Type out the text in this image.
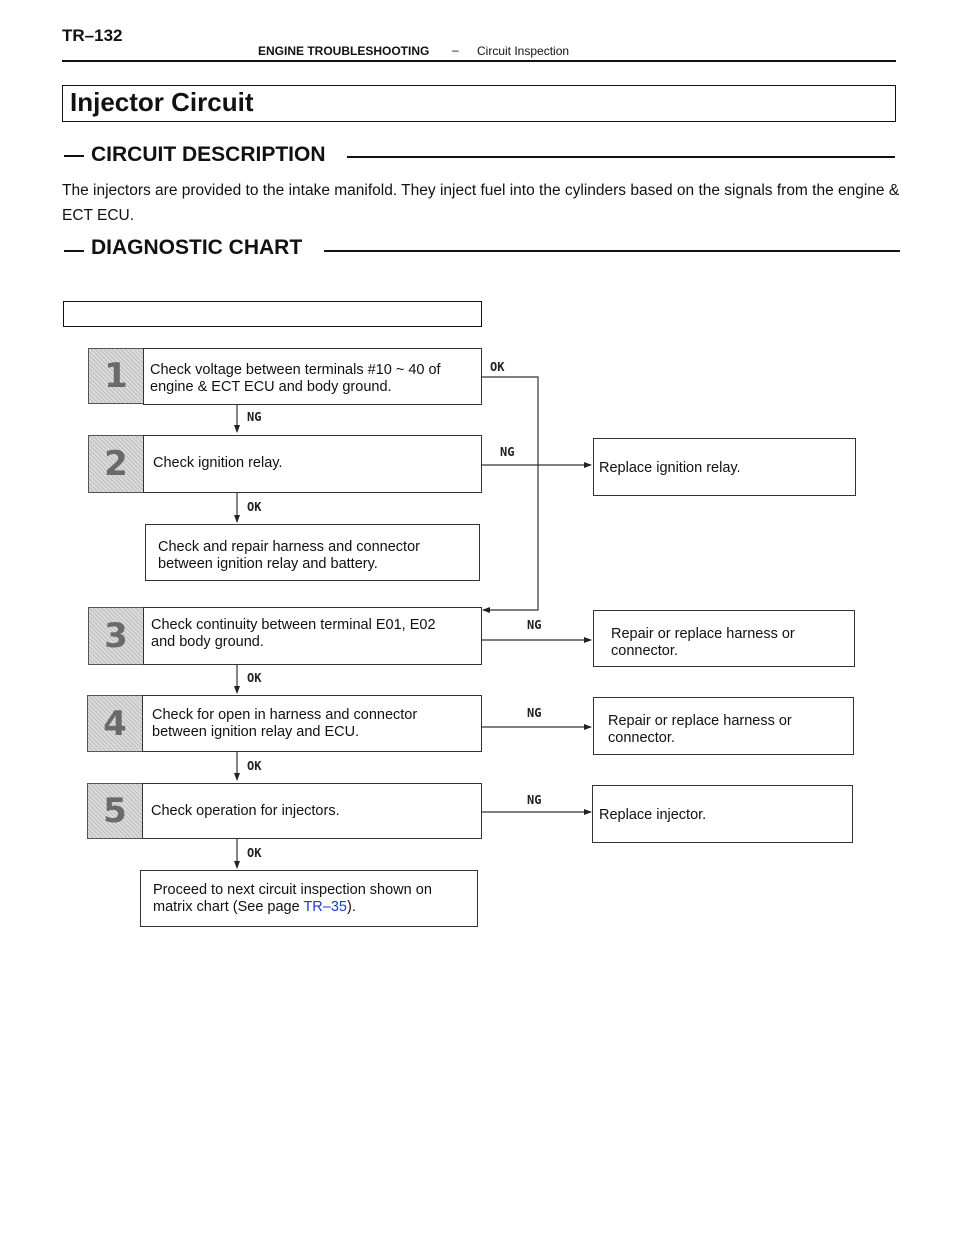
TR–132
ENGINE TROUBLESHOOTING – Circuit Inspection
Injector Circuit
CIRCUIT DESCRIPTION
The injectors are provided to the intake manifold. They inject fuel into the cylinders based on the signals from the engine & ECT ECU.
DIAGNOSTIC CHART
OK
NG
NG
OK
NG
OK
NG
OK
NG
OK
1	Check voltage between terminals #10 ~ 40 of
engine & ECT ECU and body ground.
2	Check ignition relay.	Replace ignition relay.
Check and repair harness and connector
between ignition relay and battery.
3	Check continuity between terminal E01, E02
and body ground.	Repair or replace harness or
connector.
4	Check for open in harness and connector
between ignition relay and ECU.
Repair or replace harness or
connector.
5	Check operation for injectors.	Replace injector.
Proceed to next circuit inspection shown on
matrix chart (See page TR–35).
